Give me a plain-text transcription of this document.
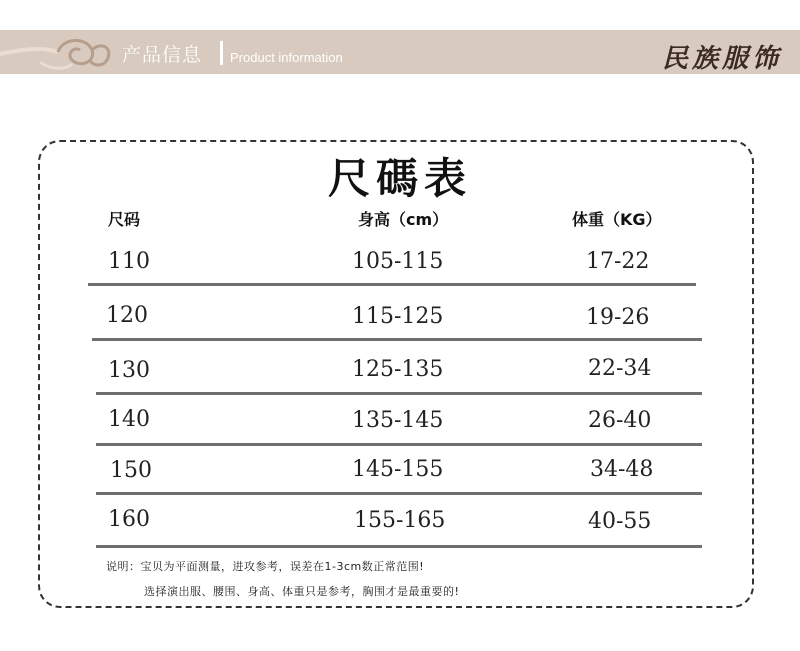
产品信息 Product information	民族服饰
尺碼表
尺码	身高（cm）	体重（KG）
110	105-115	17-22
120	115-125	19-26
130	125-135	22-34
140	135-145	26-40
150	145-155	34-48
160	155-165	40-55
说明：宝贝为平面测量，进攻参考，误差在1-3cm数正常范围!
选择演出服、腰围、身高、体重只是参考，胸围才是最重要的!
